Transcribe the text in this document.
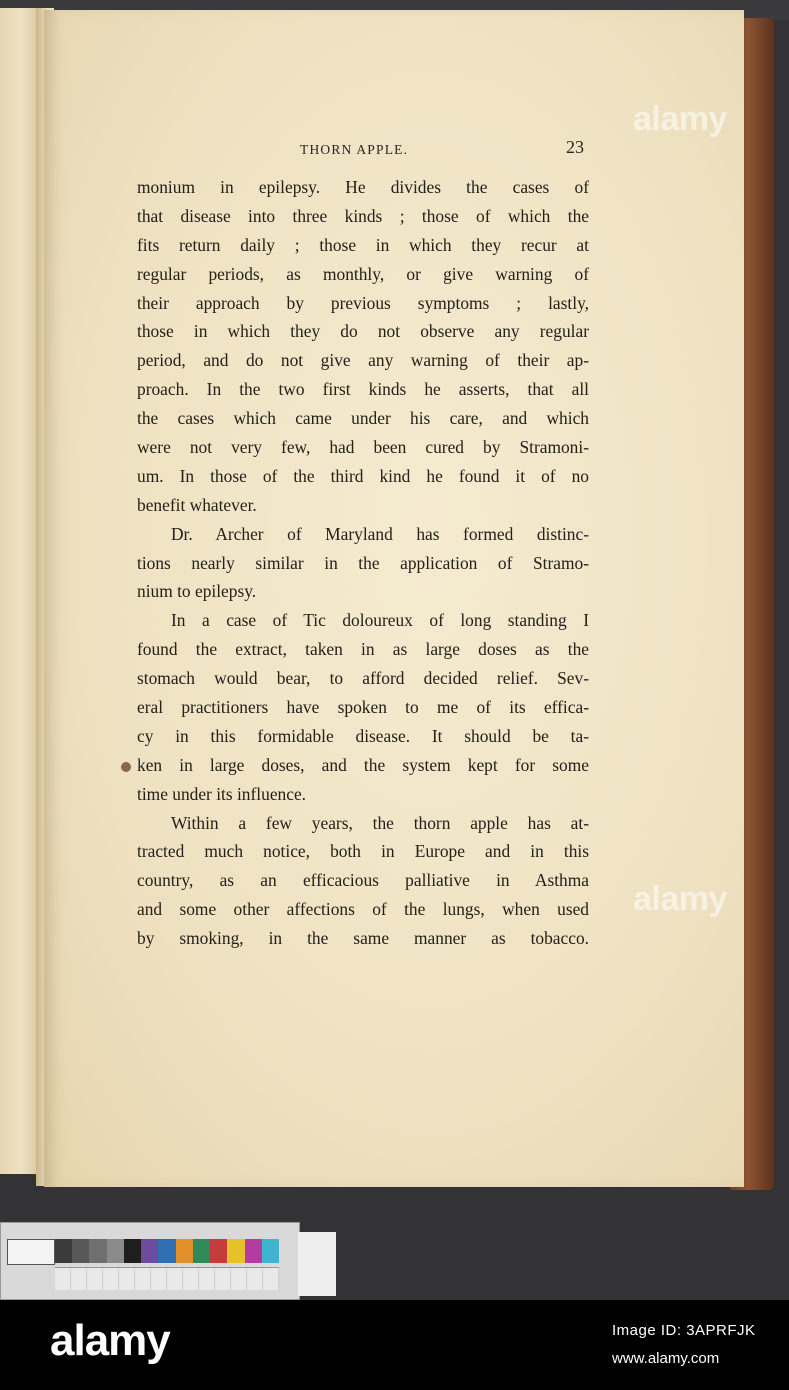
THORN APPLE.	23
monium in epilepsy. He divides the cases of
that disease into three kinds ; those of which the
fits return daily ; those in which they recur at
regular periods, as monthly, or give warning of
their approach by previous symptoms ; lastly,
those in which they do not observe any regular
period, and do not give any warning of their ap-
proach. In the two first kinds he asserts, that all
the cases which came under his care, and which
were not very few, had been cured by Stramoni-
um. In those of the third kind he found it of no
benefit whatever.
Dr. Archer of Maryland has formed distinc-
tions nearly similar in the application of Stramo-
nium to epilepsy.
In a case of Tic doloureux of long standing I
found the extract, taken in as large doses as the
stomach would bear, to afford decided relief. Sev-
eral practitioners have spoken to me of its effica-
cy in this formidable disease. It should be ta-
ken in large doses, and the system kept for some
time under its influence.
Within a few years, the thorn apple has at-
tracted much notice, both in Europe and in this
country, as an efficacious palliative in Asthma
and some other affections of the lungs, when used
by smoking, in the same manner as tobacco.
alamy
alamy
alamy	Image ID: 3APRFJK
www.alamy.com
